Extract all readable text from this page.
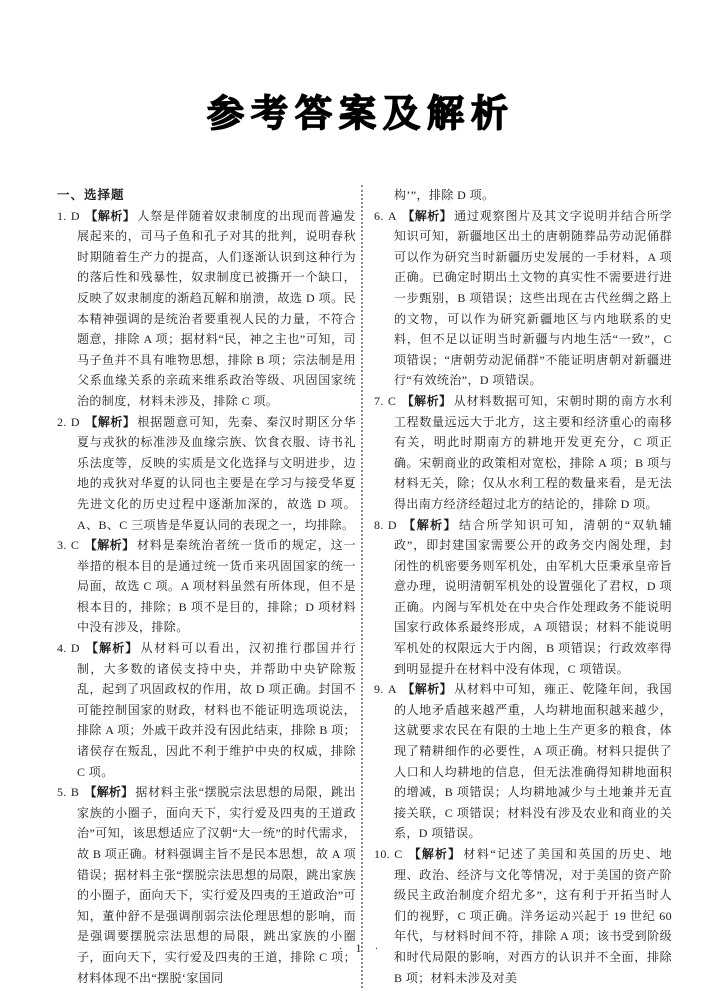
参考答案及解析
一、选择题
1. D 【解析】 人祭是伴随着奴隶制度的出现而普遍发展起来的，司马子鱼和孔子对其的批判，说明春秋时期随着生产力的提高，人们逐渐认识到这种行为的落后性和残暴性，奴隶制度已被撕开一个缺口，反映了奴隶制度的渐趋瓦解和崩溃，故选 D 项。民本精神强调的是统治者要重视人民的力量，不符合题意，排除 A 项；据材料“民，神之主也”可知，司马子鱼并不具有唯物思想，排除 B 项；宗法制是用父系血缘关系的亲疏来维系政治等级、巩固国家统治的制度，材料未涉及，排除 C 项。
2. D 【解析】 根据题意可知，先秦、秦汉时期区分华夏与戎狄的标准涉及血缘宗族、饮食衣服、诗书礼乐法度等，反映的实质是文化选择与文明进步，边地的戎狄对华夏的认同也主要是在学习与接受华夏先进文化的历史过程中逐渐加深的，故选 D 项。A、B、C 三项皆是华夏认同的表现之一，均排除。
3. C 【解析】 材料是秦统治者统一货币的规定，这一举措的根本目的是通过统一货币来巩固国家的统一局面，故选 C 项。A 项材料虽然有所体现，但不是根本目的，排除；B 项不是目的，排除；D 项材料中没有涉及，排除。
4. D 【解析】 从材料可以看出，汉初推行郡国并行制，大多数的诸侯支持中央，并帮助中央铲除叛乱，起到了巩固政权的作用，故 D 项正确。封国不可能控制国家的财政，材料也不能证明选项说法，排除 A 项；外戚干政并没有因此结束，排除 B 项；诸侯存在叛乱，因此不利于维护中央的权威，排除 C 项。
5. B 【解析】 据材料主张“摆脱宗法思想的局限，跳出家族的小圈子，面向天下，实行爱及四夷的王道政治”可知，该思想适应了汉朝“大一统”的时代需求，故 B 项正确。材料强调主旨不是民本思想，故 A 项错误；据材料主张“摆脱宗法思想的局限，跳出家族的小圈子，面向天下，实行爱及四夷的王道政治”可知，董仲舒不是强调削弱宗法伦理思想的影响，而是强调要摆脱宗法思想的局限，跳出家族的小圈子，面向天下，实行爱及四夷的王道，排除 C 项；材料体现不出“摆脱‘家国同
构’”，排除 D 项。
6. A 【解析】 通过观察图片及其文字说明并结合所学知识可知，新疆地区出土的唐朝随葬品劳动泥俑群可以作为研究当时新疆历史发展的一手材料，A 项正确。已确定时期出土文物的真实性不需要进行进一步甄别，B 项错误；这些出现在古代丝绸之路上的文物，可以作为研究新疆地区与内地联系的史料，但不足以证明当时新疆与内地生活“一致”，C 项错误；“唐朝劳动泥俑群”不能证明唐朝对新疆进行“有效统治”，D 项错误。
7. C 【解析】 从材料数据可知，宋朝时期的南方水利工程数量远远大于北方，这主要和经济重心的南移有关，明此时期南方的耕地开发更充分，C 项正确。宋朝商业的政策相对宽松，排除 A 项；B 项与材料无关，除；仅从水利工程的数量来看，是无法得出南方经济经超过北方的结论的，排除 D 项。
8. D 【解析】 结合所学知识可知，清朝的“双轨辅政”，即封建国家需要公开的政务交内阁处理，封闭性的机密要务则军机处，由军机大臣秉承皇帝旨意办理，说明清朝军机处的设置强化了君权，D 项正确。内阁与军机处在中央合作处理政务不能说明国家行政体系最终形成，A 项错误；材料不能说明军机处的权限远大于内阁，B 项错误；行政效率得到明显提升在材料中没有体现，C 项错误。
9. A 【解析】 从材料中可知，雍正、乾隆年间，我国的人地矛盾越来越严重，人均耕地面积越来越少，这就要求农民在有限的土地上生产更多的粮食，体现了精耕细作的必要性，A 项正确。材料只提供了人口和人均耕地的信息，但无法准确得知耕地面积的增减，B 项错误；人均耕地减少与土地兼并无直接关联，C 项错误；材料没有涉及农业和商业的关系，D 项错误。
10. C 【解析】 材料“记述了美国和英国的历史、地理、政治、经济与文化等情况，对于美国的资产阶级民主政治制度介绍尤多”，这有利于开拓当时人们的视野，C 项正确。洋务运动兴起于 19 世纪 60 年代，与材料时间不符，排除 A 项；该书受到阶级和时代局限的影响，对西方的认识并不全面，排除 B 项；材料未涉及对美
· 1 ·
